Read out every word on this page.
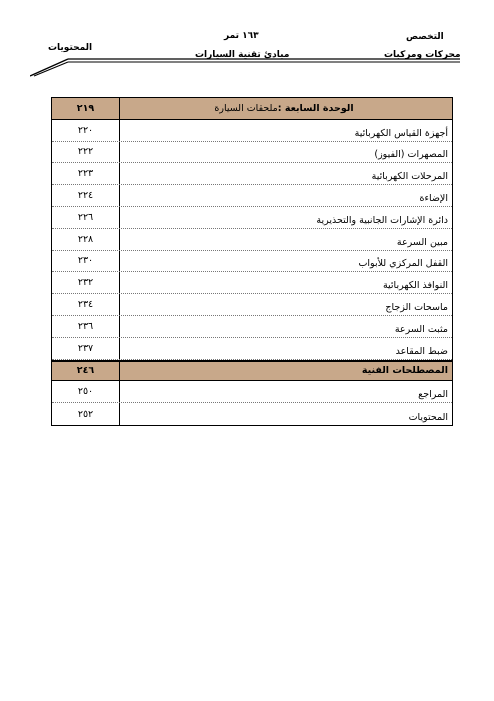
المحتويات
١٦٣ تمر
مبادئ تقنية السيارات
التخصص
محركات ومركبات
الوحدة السابعة :
ملحقات السيارة
٢١٩
أجهزة القياس الكهربائية
٢٢٠
المصهرات (الفيوز)
٢٢٢
المرحلات الكهربائية
٢٢٣
الإضاءة
٢٢٤
دائرة الإشارات الجانبية والتحذيرية
٢٢٦
مبين السرعة
٢٢٨
القفل المركزي للأبواب
٢٣٠
النوافذ الكهربائية
٢٣٢
ماسحات الزجاج
٢٣٤
مثبت السرعة
٢٣٦
ضبط المقاعد
٢٣٧
المصطلحات الفنية
٢٤٦
المراجع
٢٥٠
المحتويات
٢٥٢
